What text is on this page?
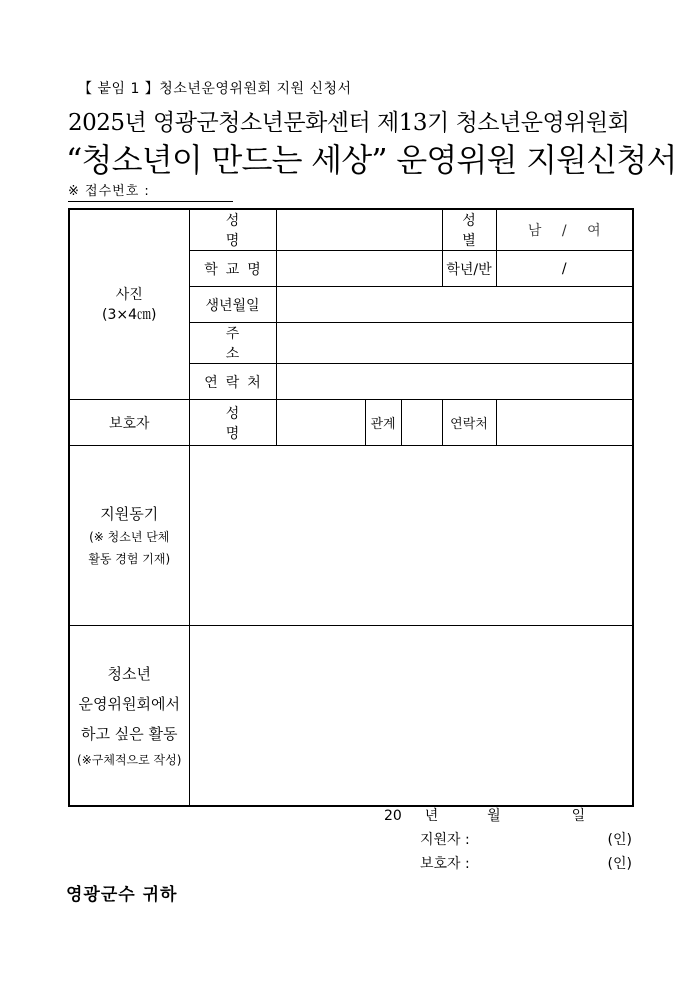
【 붙임 1 】청소년운영위원회 지원 신청서
2025년 영광군청소년문화센터 제13기 청소년운영위원회
“청소년이 만드는 세상” 운영위원 지원신청서
※ 접수번호 :
사진
(3×4㎝)	성 명				성 별	남 / 여
	학교명				학년/반	/
	생년월일					
	주 소					
	연락처					
보호자	성 명		관계		연락처	

지원동기
(※ 청소년 단체
활동 경험 기재)						

청소년
운영위원회에서
하고 싶은 활동
(※구체적으로 작성)						

20 년	월	일
지원자 :	(인)
보호자 :	(인)
영광군수 귀하
